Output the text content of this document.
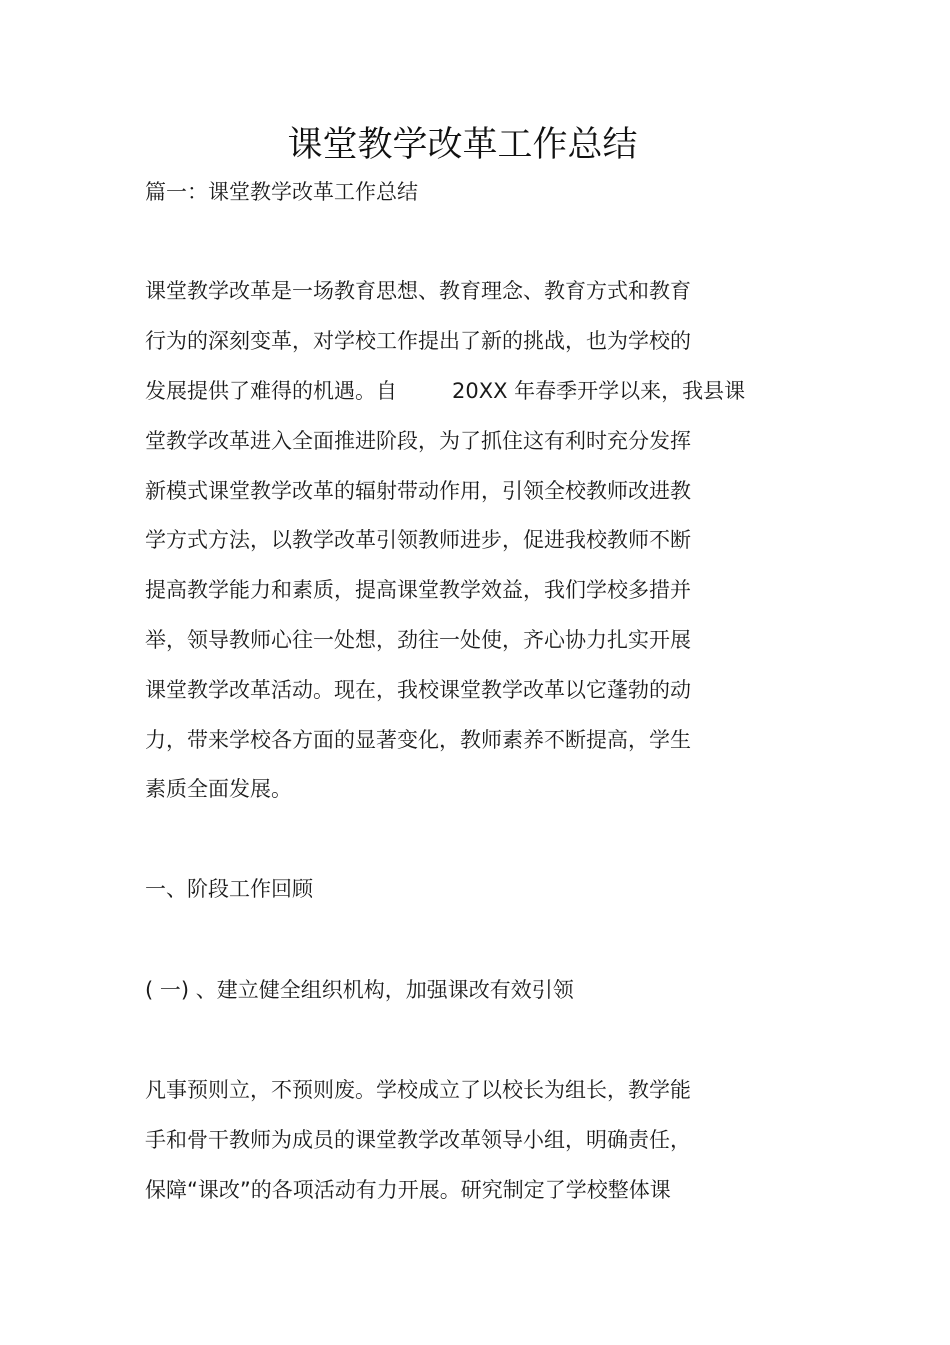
课堂教学改革工作总结

篇一：课堂教学改革工作总结

课堂教学改革是一场教育思想、教育理念、教育方式和教育

行为的深刻变革，对学校工作提出了新的挑战，也为学校的

发展提供了难得的机遇。自	20XX 年春季开学以来，我县课

堂教学改革进入全面推进阶段，为了抓住这有利时充分发挥

新模式课堂教学改革的辐射带动作用，引领全校教师改进教

学方式方法，以教学改革引领教师进步，促进我校教师不断

提高教学能力和素质，提高课堂教学效益，我们学校多措并

举，领导教师心往一处想，劲往一处使，齐心协力扎实开展

课堂教学改革活动。现在，我校课堂教学改革以它蓬勃的动

力，带来学校各方面的显著变化，教师素养不断提高，学生

素质全面发展。

一、阶段工作回顾

( 一) 、建立健全组织机构，加强课改有效引领

凡事预则立，不预则废。学校成立了以校长为组长，教学能

手和骨干教师为成员的课堂教学改革领导小组，明确责任，

保障“课改”的各项活动有力开展。研究制定了学校整体课
